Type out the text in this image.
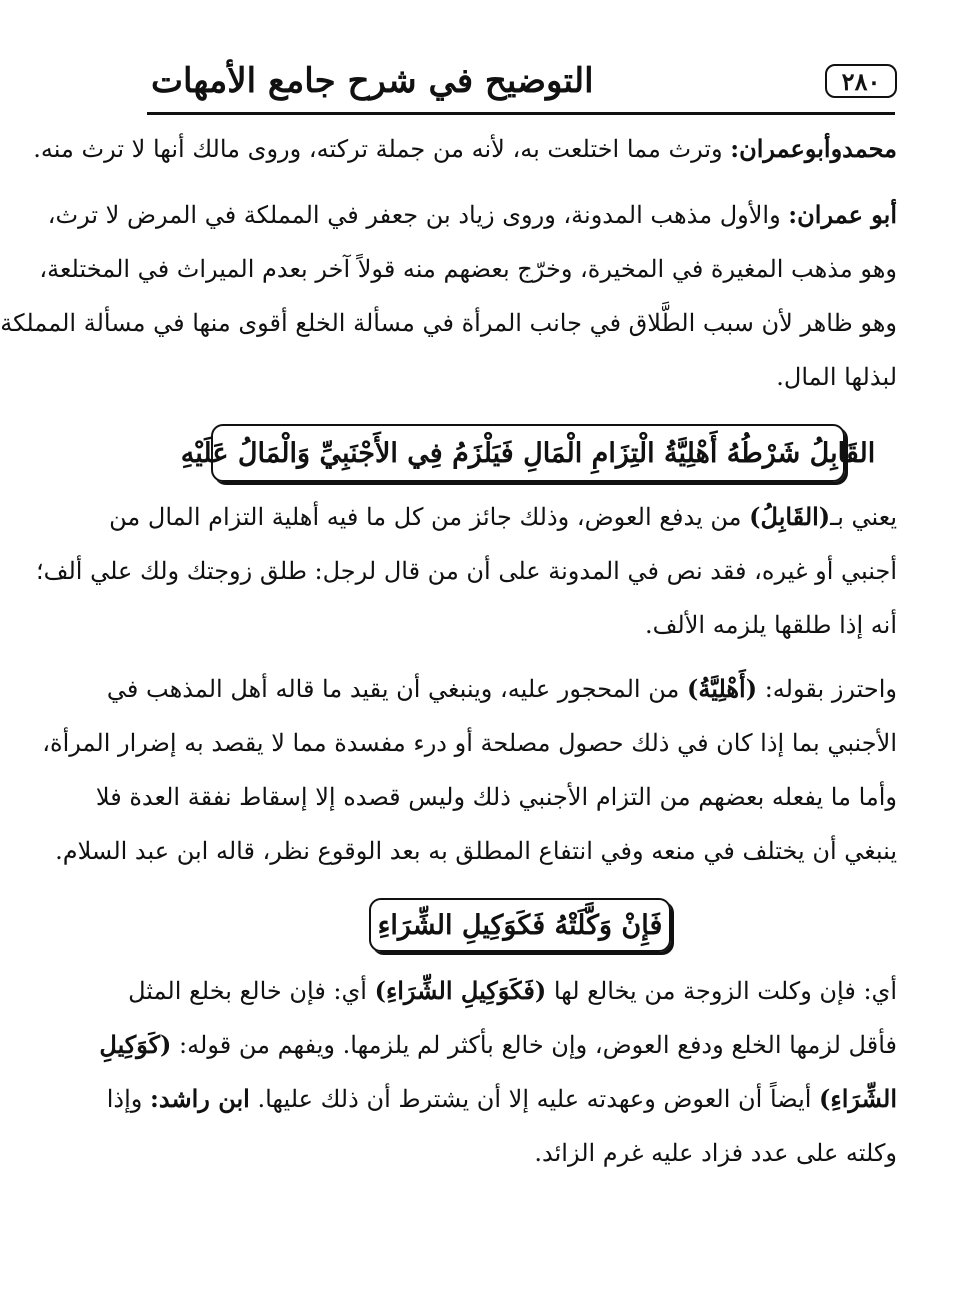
٢٨٠
التوضيح في شرح جامع الأمهات
محمدوأبوعمران: وترث مما اختلعت به، لأنه من جملة تركته، وروى مالك أنها لا ترث منه.
أبو عمران: والأول مذهب المدونة، وروى زياد بن جعفر في المملكة في المرض لا ترث،
وهو مذهب المغيرة في المخيرة، وخرّج بعضهم منه قولاً آخر بعدم الميراث في المختلعة،
وهو ظاهر لأن سبب الطَّلاق في جانب المرأة في مسألة الخلع أقوى منها في مسألة المملكة
لبذلها المال.
القَابِلُ شَرْطُهُ أَهْلِيَّةُ الْتِزَامِ الْمَالِ فَيَلْزَمُ فِي الأَجْنَبِيِّ وَالْمَالُ عَلَيْهِ
يعني بـ(القَابِلُ) من يدفع العوض، وذلك جائز من كل ما فيه أهلية التزام المال من
أجنبي أو غيره، فقد نص في المدونة على أن من قال لرجل: طلق زوجتك ولك علي ألف؛
أنه إذا طلقها يلزمه الألف.
واحترز بقوله: (أَهْلِيَّةُ) من المحجور عليه، وينبغي أن يقيد ما قاله أهل المذهب في
الأجنبي بما إذا كان في ذلك حصول مصلحة أو درء مفسدة مما لا يقصد به إضرار المرأة،
وأما ما يفعله بعضهم من التزام الأجنبي ذلك وليس قصده إلا إسقاط نفقة العدة فلا
ينبغي أن يختلف في منعه وفي انتفاع المطلق به بعد الوقوع نظر، قاله ابن عبد السلام.
فَإِنْ وَكَّلَتْهُ فَكَوَكِيلِ الشِّرَاءِ
أي: فإن وكلت الزوجة من يخالع لها (فَكَوَكِيلِ الشِّرَاءِ) أي: فإن خالع بخلع المثل
فأقل لزمها الخلع ودفع العوض، وإن خالع بأكثر لم يلزمها. ويفهم من قوله: (كَوَكِيلِ
الشِّرَاءِ) أيضاً أن العوض وعهدته عليه إلا أن يشترط أن ذلك عليها. ابن راشد: وإذا
وكلته على عدد فزاد عليه غرم الزائد.
